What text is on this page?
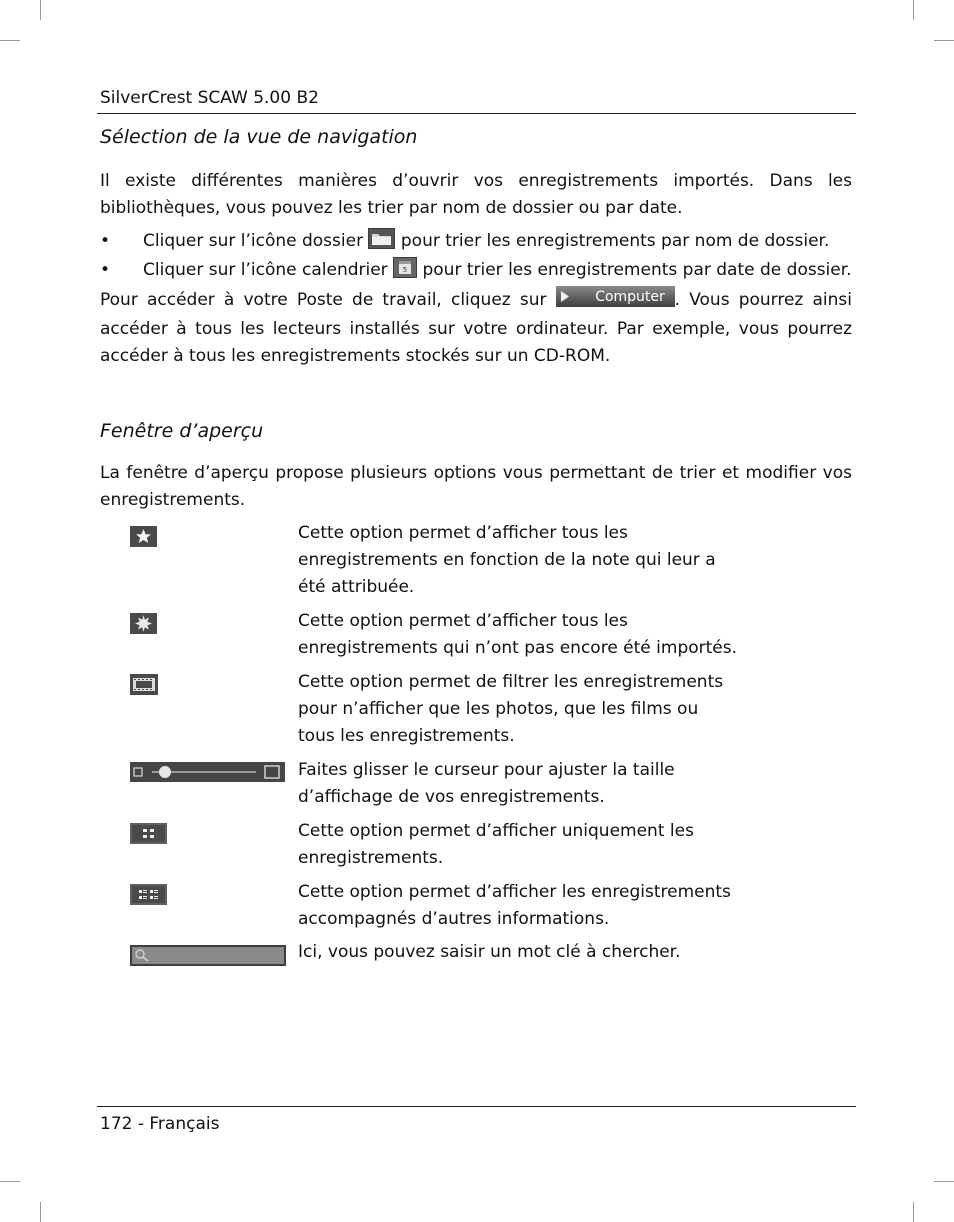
SilverCrest SCAW 5.00 B2
Sélection de la vue de navigation

Il existe différentes manières d’ouvrir vos enregistrements importés. Dans les bibliothèques, vous pouvez les trier par nom de dossier ou par date.

• Cliquer sur l’icône dossier pour trier les enregistrements par nom de dossier.
• Cliquer sur l’icône calendrier 5 pour trier les enregistrements par date de dossier.
Pour accéder à votre Poste de travail, cliquez sur	Computer . Vous pourrez ainsi accéder à tous les lecteurs installés sur votre ordinateur. Par exemple, vous pourrez accéder à tous les enregistrements stockés sur un CD-ROM.
Fenêtre d’aperçu

La fenêtre d’aperçu propose plusieurs options vous permettant de trier et modifier vos enregistrements.

Cette option permet d’afficher tous les enregistrements en fonction de la note qui leur a été attribuée.

Cette option permet d’afficher tous les enregistrements qui n’ont pas encore été importés.

Cette option permet de filtrer les enregistrements pour n’afficher que les photos, que les films ou tous les enregistrements.

Faites glisser le curseur pour ajuster la taille d’affichage de vos enregistrements.

Cette option permet d’afficher uniquement les enregistrements.

Cette option permet d’afficher les enregistrements accompagnés d’autres informations.

Ici, vous pouvez saisir un mot clé à chercher.

172 - Français
